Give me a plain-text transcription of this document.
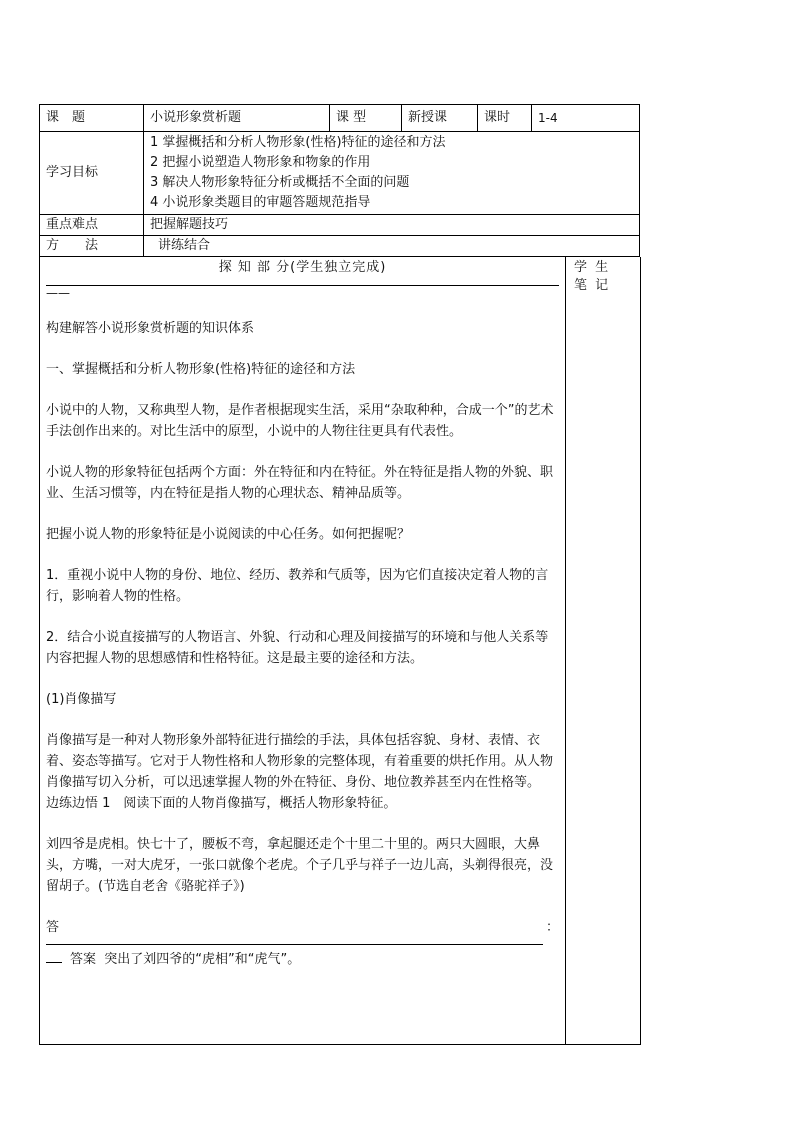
课　题	小说形象赏析题	课 型	新授课	课时	1-4
学习目标	1 掌握概括和分析人物形象(性格)特征的途径和方法
2 把握小说塑造人物形象和物象的作用
3 解决人物形象特征分析或概括不全面的问题
4 小说形象类题目的审题答题规范指导				

重点难点	把握解题技巧				
方　　法	讲练结合				
探 知 部 分(学生独立完成)
——

构建解答小说形象赏析题的知识体系

一、掌握概括和分析人物形象(性格)特征的途径和方法

小说中的人物，又称典型人物，是作者根据现实生活，采用“杂取种种，合成一个”的艺术手法创作出来的。对比生活中的原型，小说中的人物往往更具有代表性。

小说人物的形象特征包括两个方面：外在特征和内在特征。外在特征是指人物的外貌、职业、生活习惯等，内在特征是指人物的心理状态、精神品质等。

把握小说人物的形象特征是小说阅读的中心任务。如何把握呢？

1．重视小说中人物的身份、地位、经历、教养和气质等，因为它们直接决定着人物的言行，影响着人物的性格。

2．结合小说直接描写的人物语言、外貌、行动和心理及间接描写的环境和与他人关系等内容把握人物的思想感情和性格特征。这是最主要的途径和方法。

(1)肖像描写

肖像描写是一种对人物形象外部特征进行描绘的手法，具体包括容貌、身材、表情、衣着、姿态等描写。它对于人物性格和人物形象的完整体现，有着重要的烘托作用。从人物肖像描写切入分析，可以迅速掌握人物的外在特征、身份、地位教养甚至内在性格等。　边练边悟 1　阅读下面的人物肖像描写，概括人物形象特征。

刘四爷是虎相。快七十了，腰板不弯，拿起腿还走个十里二十里的。两只大圆眼，大鼻头，方嘴，一对大虎牙，一张口就像个老虎。个子几乎与祥子一边儿高，头剃得很亮，没留胡子。(节选自老舍《骆驼祥子》)

答	：
答案 突出了刘四爷的“虎相”和“虎气”。
学 生
笔 记
